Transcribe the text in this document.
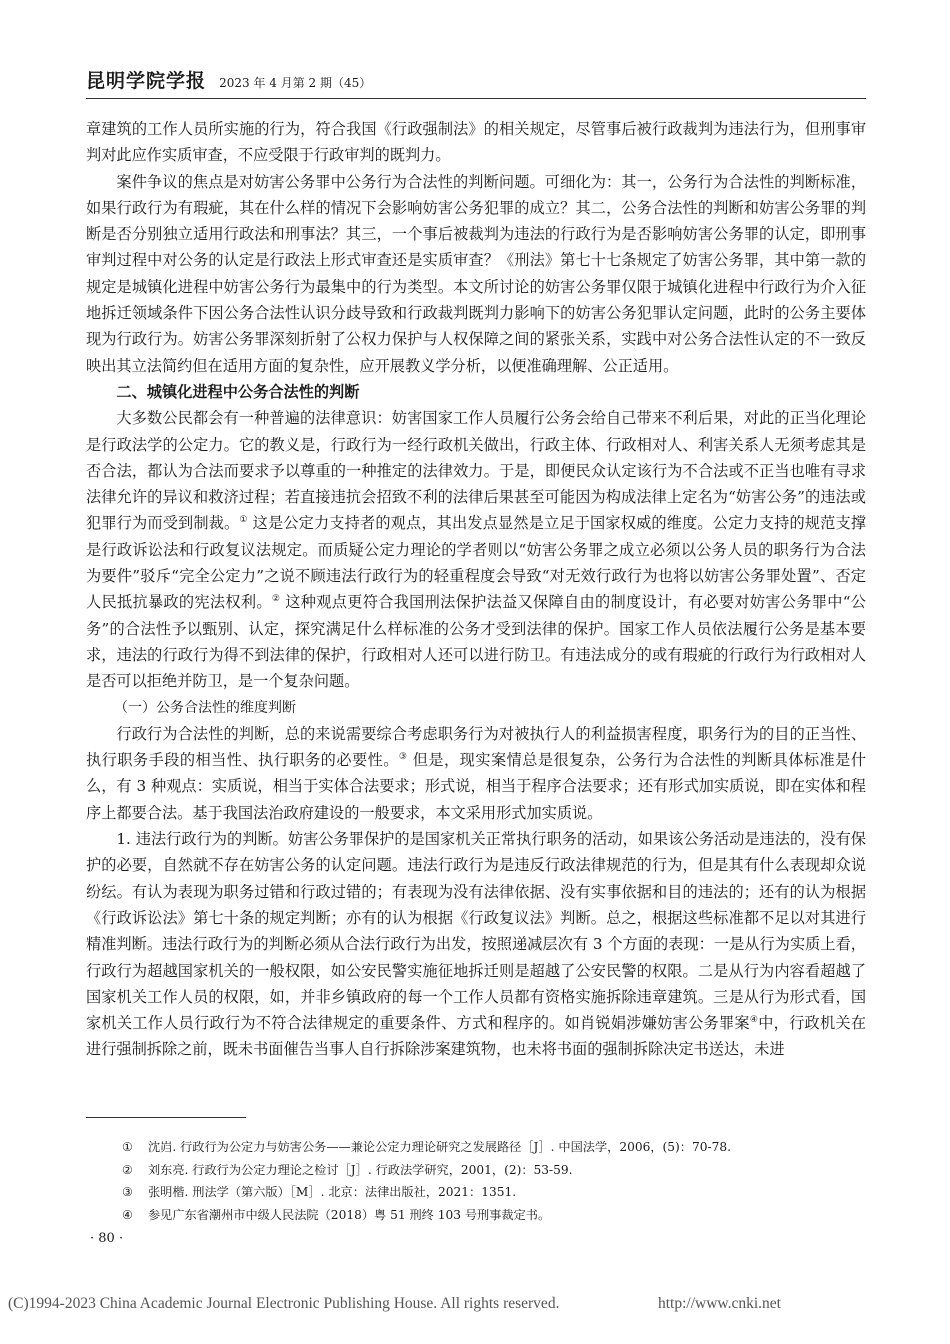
昆明学院学报 2023 年 4 月第 2 期（45）

章建筑的工作人员所实施的行为，符合我国《行政强制法》的相关规定，尽管事后被行政裁判为违法行为，但刑事审判对此应作实质审查，不应受限于行政审判的既判力。

案件争议的焦点是对妨害公务罪中公务行为合法性的判断问题。可细化为：其一，公务行为合法性的判断标准，如果行政行为有瑕疵，其在什么样的情况下会影响妨害公务犯罪的成立？其二，公务合法性的判断和妨害公务罪的判断是否分别独立适用行政法和刑事法？其三，一个事后被裁判为违法的行政行为是否影响妨害公务罪的认定，即刑事审判过程中对公务的认定是行政法上形式审查还是实质审查？《刑法》第七十七条规定了妨害公务罪，其中第一款的规定是城镇化进程中妨害公务行为最集中的行为类型。本文所讨论的妨害公务罪仅限于城镇化进程中行政行为介入征地拆迁领域条件下因公务合法性认识分歧导致和行政裁判既判力影响下的妨害公务犯罪认定问题，此时的公务主要体现为行政行为。妨害公务罪深刻折射了公权力保护与人权保障之间的紧张关系，实践中对公务合法性认定的不一致反映出其立法简约但在适用方面的复杂性，应开展教义学分析，以便准确理解、公正适用。

二、城镇化进程中公务合法性的判断

大多数公民都会有一种普遍的法律意识：妨害国家工作人员履行公务会给自己带来不利后果，对此的正当化理论是行政法学的公定力。它的教义是，行政行为一经行政机关做出，行政主体、行政相对人、利害关系人无须考虑其是否合法，都认为合法而要求予以尊重的一种推定的法律效力。于是，即便民众认定该行为不合法或不正当也唯有寻求法律允许的异议和救济过程；若直接违抗会招致不利的法律后果甚至可能因为构成法律上定名为“妨害公务”的违法或犯罪行为而受到制裁。① 这是公定力支持者的观点，其出发点显然是立足于国家权威的维度。公定力支持的规范支撑是行政诉讼法和行政复议法规定。而质疑公定力理论的学者则以“妨害公务罪之成立必须以公务人员的职务行为合法为要件”驳斥“完全公定力”之说不顾违法行政行为的轻重程度会导致“对无效行政行为也将以妨害公务罪处置”、否定人民抵抗暴政的宪法权利。② 这种观点更符合我国刑法保护法益又保障自由的制度设计，有必要对妨害公务罪中“公务”的合法性予以甄别、认定，探究满足什么样标准的公务才受到法律的保护。国家工作人员依法履行公务是基本要求，违法的行政行为得不到法律的保护，行政相对人还可以进行防卫。有违法成分的或有瑕疵的行政行为行政相对人是否可以拒绝并防卫，是一个复杂问题。

（一）公务合法性的维度判断

行政行为合法性的判断，总的来说需要综合考虑职务行为对被执行人的利益损害程度，职务行为的目的正当性、执行职务手段的相当性、执行职务的必要性。③ 但是，现实案情总是很复杂，公务行为合法性的判断具体标准是什么，有 3 种观点：实质说，相当于实体合法要求；形式说，相当于程序合法要求；还有形式加实质说，即在实体和程序上都要合法。基于我国法治政府建设的一般要求，本文采用形式加实质说。

1. 违法行政行为的判断。妨害公务罪保护的是国家机关正常执行职务的活动，如果该公务活动是违法的，没有保护的必要，自然就不存在妨害公务的认定问题。违法行政行为是违反行政法律规范的行为，但是其有什么表现却众说纷纭。有认为表现为职务过错和行政过错的；有表现为没有法律依据、没有实事依据和目的违法的；还有的认为根据《行政诉讼法》第七十条的规定判断；亦有的认为根据《行政复议法》判断。总之，根据这些标准都不足以对其进行精准判断。违法行政行为的判断必须从合法行政行为出发，按照递减层次有 3 个方面的表现：一是从行为实质上看，行政行为超越国家机关的一般权限，如公安民警实施征地拆迁则是超越了公安民警的权限。二是从行为内容看超越了国家机关工作人员的权限，如，并非乡镇政府的每一个工作人员都有资格实施拆除违章建筑。三是从行为形式看，国家机关工作人员行政行为不符合法律规定的重要条件、方式和程序的。如肖锐娟涉嫌妨害公务罪案④中，行政机关在进行强制拆除之前，既未书面催告当事人自行拆除涉案建筑物，也未将书面的强制拆除决定书送达，未进

① 沈岿. 行政行为公定力与妨害公务——兼论公定力理论研究之发展路径［J］. 中国法学，2006，(5)：70-78.
② 刘东亮. 行政行为公定力理论之检讨［J］. 行政法学研究，2001，(2)：53-59.
③ 张明楷. 刑法学（第六版）［M］. 北京：法律出版社，2021：1351.
④ 参见广东省潮州市中级人民法院（2018）粤 51 刑终 103 号刑事裁定书。
· 80 ·
(C)1994-2023 China Academic Journal Electronic Publishing House. All rights reserved.	http://www.cnki.net
